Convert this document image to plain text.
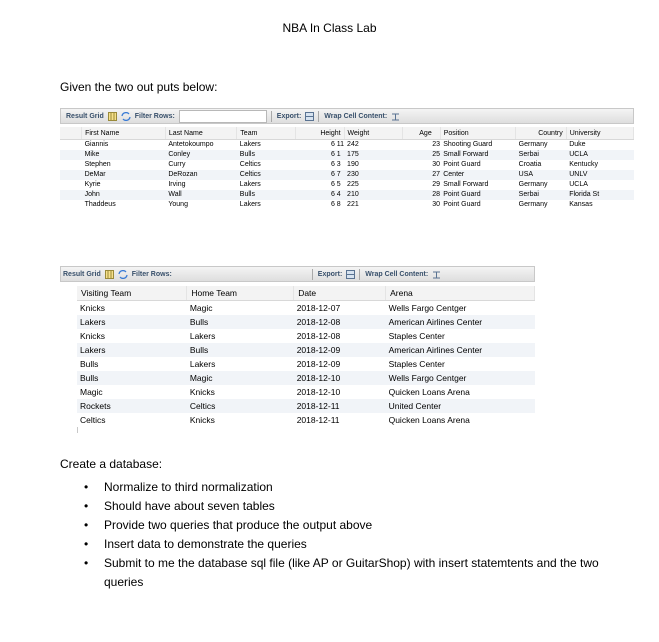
NBA In Class Lab
Given the two out puts below:
Result Grid	Filter Rows:	Export:	Wrap Cell Content:
	First Name	Last Name	Team	Height	Weight	Age	Position	Country	University
	Giannis	Antetokoumpo	Lakers	6 11	242	23	Shooting Guard	Germany	Duke
	Mike	Conley	Bulls	6 1	175	25	Small Forward	Serbai	UCLA
	Stephen	Curry	Celtics	6 3	190	30	Point Guard	Croatia	Kentucky
	DeMar	DeRozan	Celtics	6 7	230	27	Center	USA	UNLV
	Kyrie	Irving	Lakers	6 5	225	29	Small Forward	Germany	UCLA
	John	Wall	Bulls	6 4	210	28	Point Guard	Serbai	Florida St
	Thaddeus	Young	Lakers	6 8	221	30	Point Guard	Germany	Kansas
Result Grid	Filter Rows:	Export:	Wrap Cell Content:
Visiting Team	Home Team	Date	Arena
Knicks	Magic	2018-12-07	Wells Fargo Centger
Lakers	Bulls	2018-12-08	American Airlines Center
Knicks	Lakers	2018-12-08	Staples Center
Lakers	Bulls	2018-12-09	American Airlines Center
Bulls	Lakers	2018-12-09	Staples Center
Bulls	Magic	2018-12-10	Wells Fargo Centger
Magic	Knicks	2018-12-10	Quicken Loans Arena
Rockets	Celtics	2018-12-11	United Center
Celtics	Knicks	2018-12-11	Quicken Loans Arena
Create a database:
• Normalize to third normalization
• Should have about seven tables
• Provide two queries that produce the output above
• Insert data to demonstrate the queries
• Submit to me the database sql file (like AP or GuitarShop) with insert statemtents and the two queries
